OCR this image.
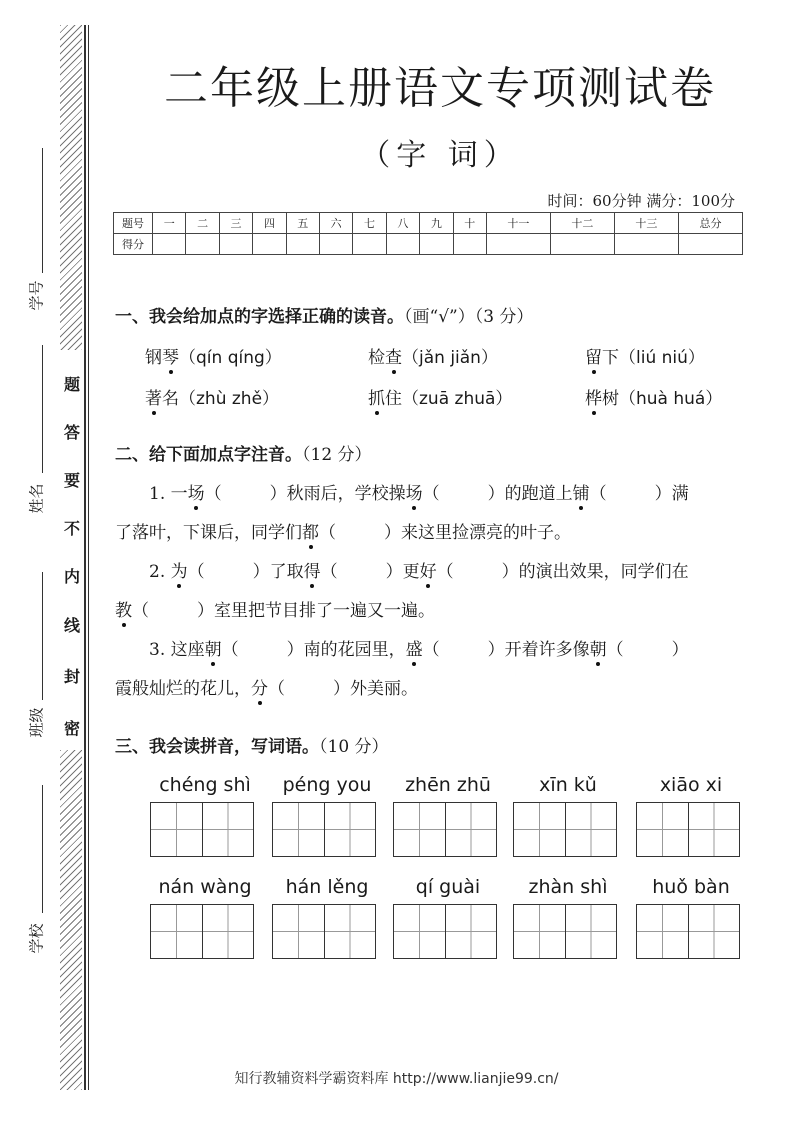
题
答
要
不
内
线
封
密
学号
姓名
班级
学校
二年级上册语文专项测试卷
（字 词）
时间：60分钟 满分：100分
题号	一	二	三	四	五	六	七	八	九	十	十一	十二	十三	总分
得分														
一、我会给加点的字选择正确的读音。（画“√”）（3 分）
钢琴（qín qíng）	检查（jǎn jiǎn）	留下（liú niú）
著名（zhù zhě）	抓住（zuā zhuā）	桦树（huà huá）
二、给下面加点字注音。（12 分）
1. 一场（	）秋雨后，学校操场（	）的跑道上铺（	）满
了落叶，下课后，同学们都（	）来这里捡漂亮的叶子。
2. 为（	）了取得（	）更好（	）的演出效果，同学们在
教（	）室里把节目排了一遍又一遍。
3. 这座朝（	）南的花园里，盛（	）开着许多像朝（	）
霞般灿烂的花儿，分（	）外美丽。
三、我会读拼音，写词语。（10 分）
chéng shì	péng you	zhēn zhū	xīn kǔ	xiāo xi
nán wàng	hán lěng	qí guài	zhàn shì	huǒ bàn
知行教辅资料学霸资料库 http://www.lianjie99.cn/
